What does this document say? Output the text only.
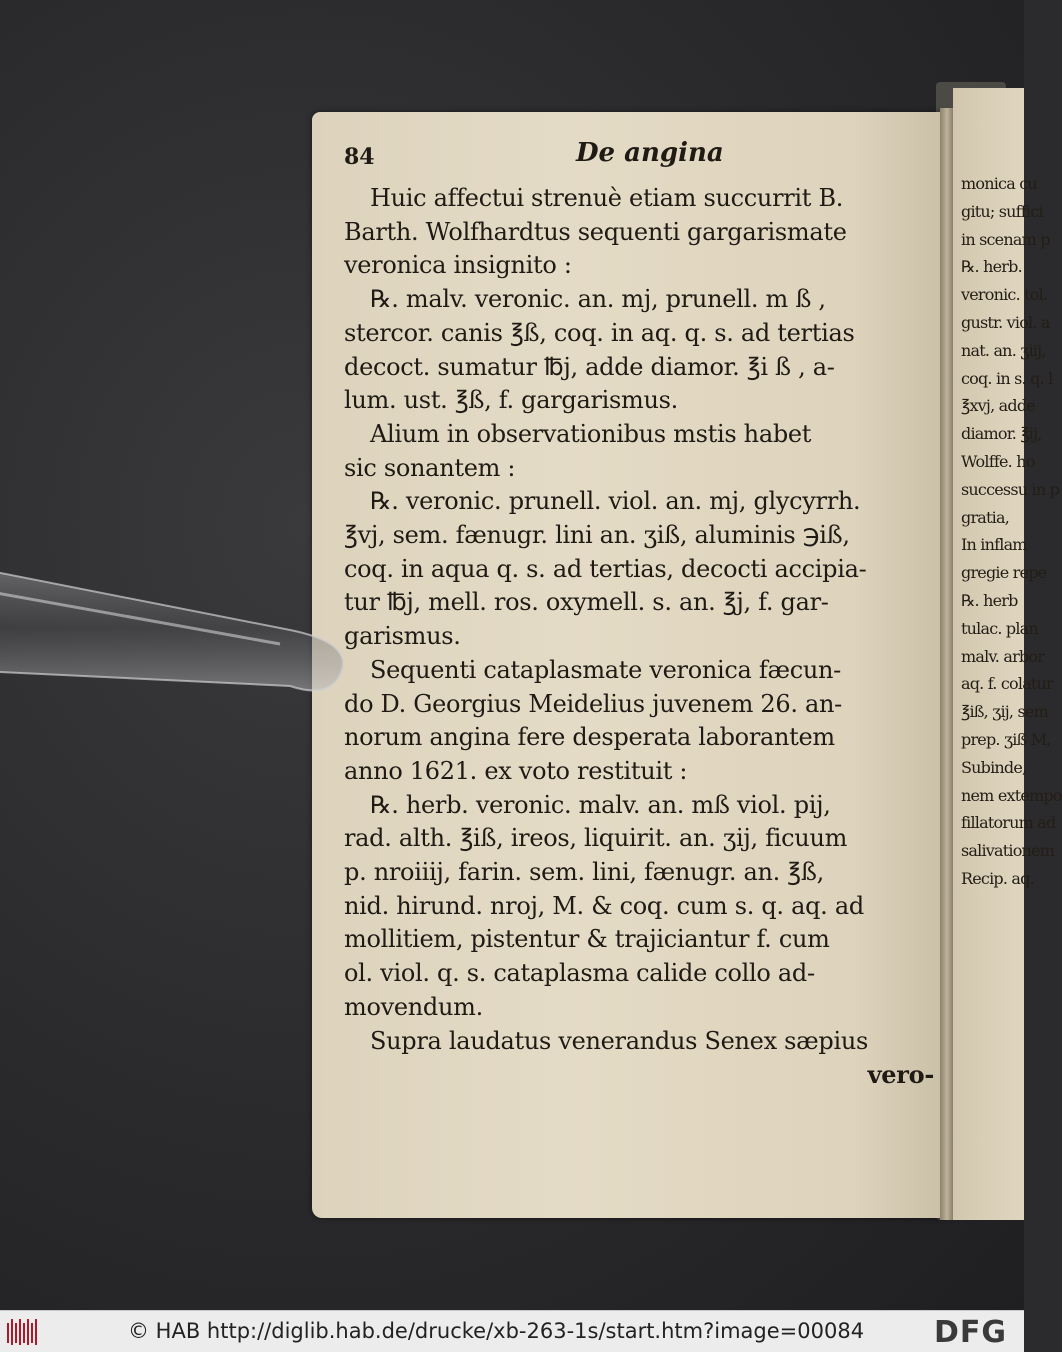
monica cu
gitu; suffici
in scenam p
℞. herb.
veronic. tol.
gustr. viol. a
nat. an. ʒiij,
coq. in s. q. l
℥xvj, adde
diamor. ℥ij,
Wolffe. ho
successu in p
gratia,
In inflam
gregie repe
℞. herb
tulac. plan
malv. arbor
aq. f. colatur
℥iß, ʒij, sem
prep. ʒiß M,
Subinde,
nem extempo
fillatorum ad
salivationem
Recip. aq.
84	De angina
Huic affectui strenuè etiam succurrit B.
Barth. Wolfhardtus sequenti gargarismate
veronica insignito :
℞. malv. veronic. an. mj, prunell. m ß ,
stercor. canis ℥ß, coq. in aq. q. s. ad tertias
decoct. sumatur ℔j, adde diamor. ℥i ß , a-
lum. ust. ℥ß, f. gargarismus.
Alium in observationibus mstis habet
sic sonantem :
℞. veronic. prunell. viol. an. mj, glycyrrh.
℥vj, sem. fænugr. lini an. ʒiß, aluminis ℈iß,
coq. in aqua q. s. ad tertias, decocti accipia-
tur ℔j, mell. ros. oxymell. s. an. ℥j, f. gar-
garismus.
Sequenti cataplasmate veronica fæcun-
do D. Georgius Meidelius juvenem 26. an-
norum angina fere desperata laborantem
anno 1621. ex voto restituit :
℞. herb. veronic. malv. an. mß viol. pij,
rad. alth. ℥iß, ireos, liquirit. an. ʒij, ficuum
p. nroiiij, farin. sem. lini, fænugr. an. ℥ß,
nid. hirund. nroj, M. & coq. cum s. q. aq. ad
mollitiem, pistentur & trajiciantur f. cum
ol. viol. q. s. cataplasma calide collo ad-
movendum.
Supra laudatus venerandus Senex sæpius
vero-
© HAB http://diglib.hab.de/drucke/xb-263-1s/start.htm?image=00084 DFG
